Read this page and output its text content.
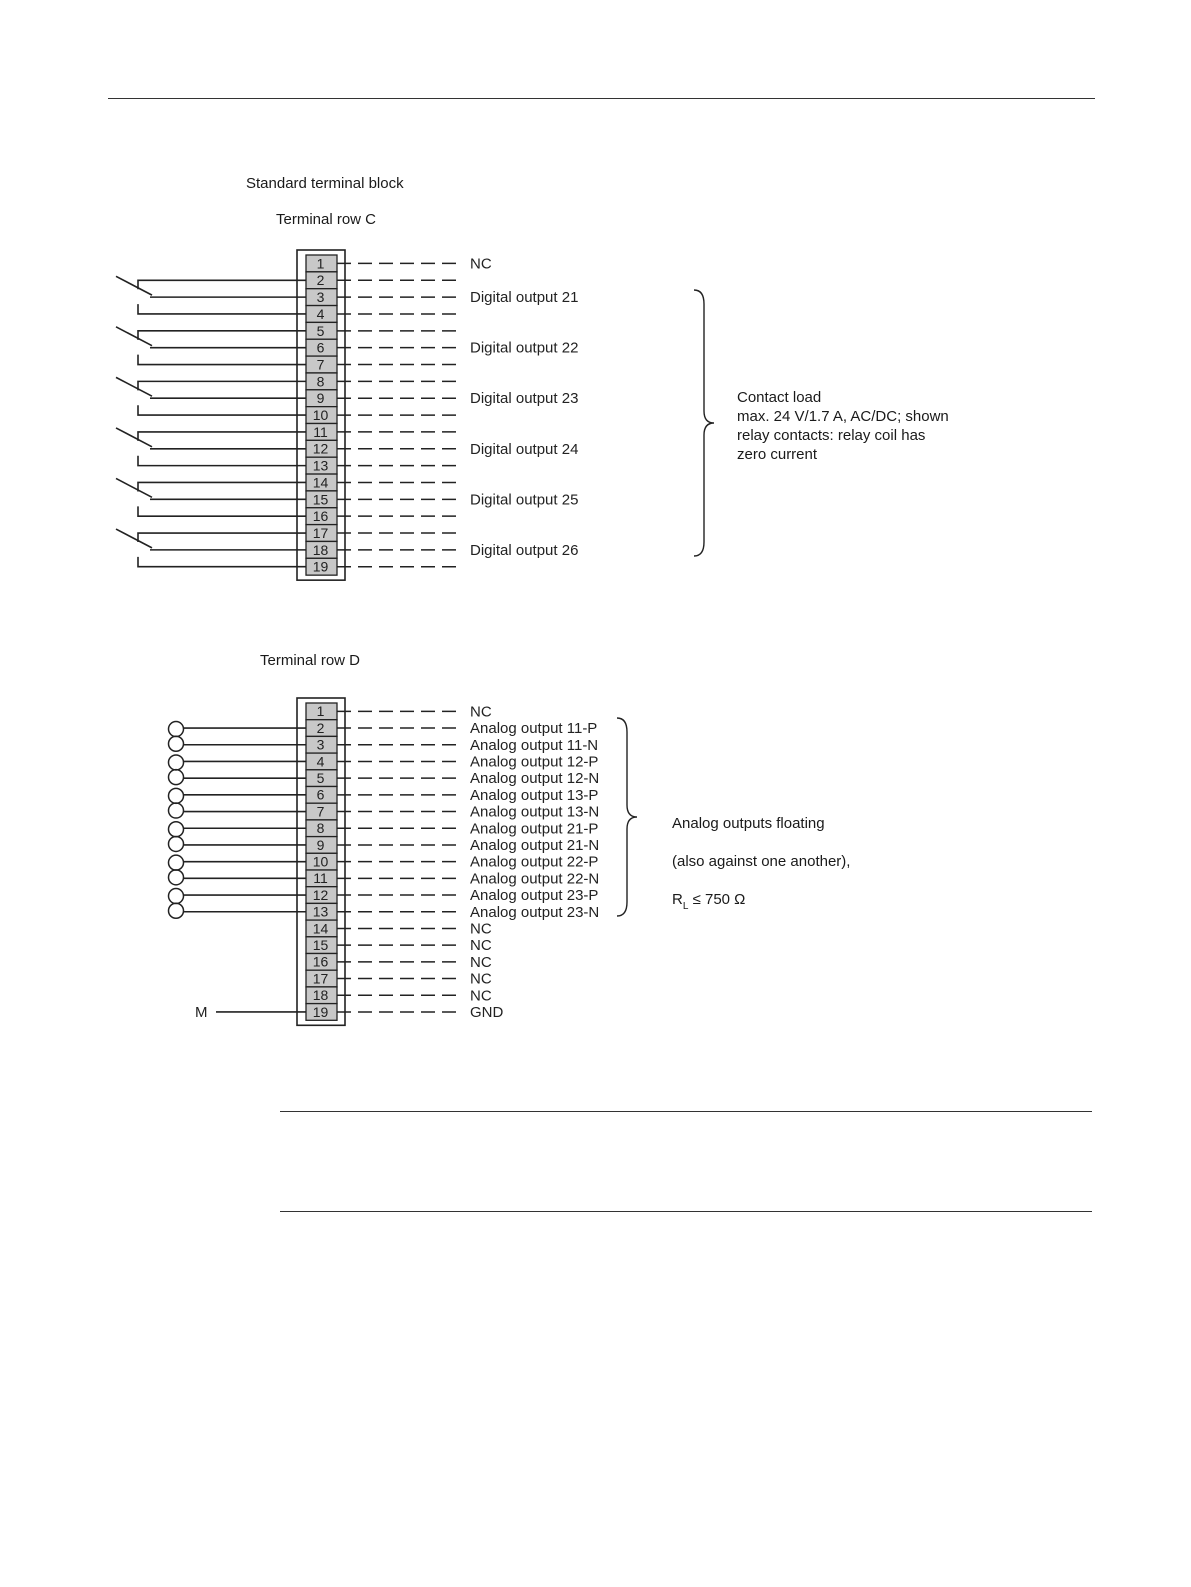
Standard terminal block
Terminal row C
Terminal row D
Contact load
max. 24 V/1.7 A, AC/DC; shown
relay contacts: relay coil has
zero current

Analog outputs floating

(also against one another),

$R_L \le 750$ Ω

1
2
3
4
5
6
7
8
9
10
11
12
13
14
15
16
17
18
19
NC
Digital output 21
Digital output 22
Digital output 23
Digital output 24
Digital output 25
Digital output 26
1
2
3
4
5
6
7
8
9
10
11
12
13
14
15
16
17
18
19
NC
Analog output 11-P
Analog output 11-N
Analog output 12-P
Analog output 12-N
Analog output 13-P
Analog output 13-N
Analog output 21-P
Analog output 21-N
Analog output 22-P
Analog output 22-N
Analog output 23-P
Analog output 23-N
NC
NC
NC
NC
NC
GND
M
